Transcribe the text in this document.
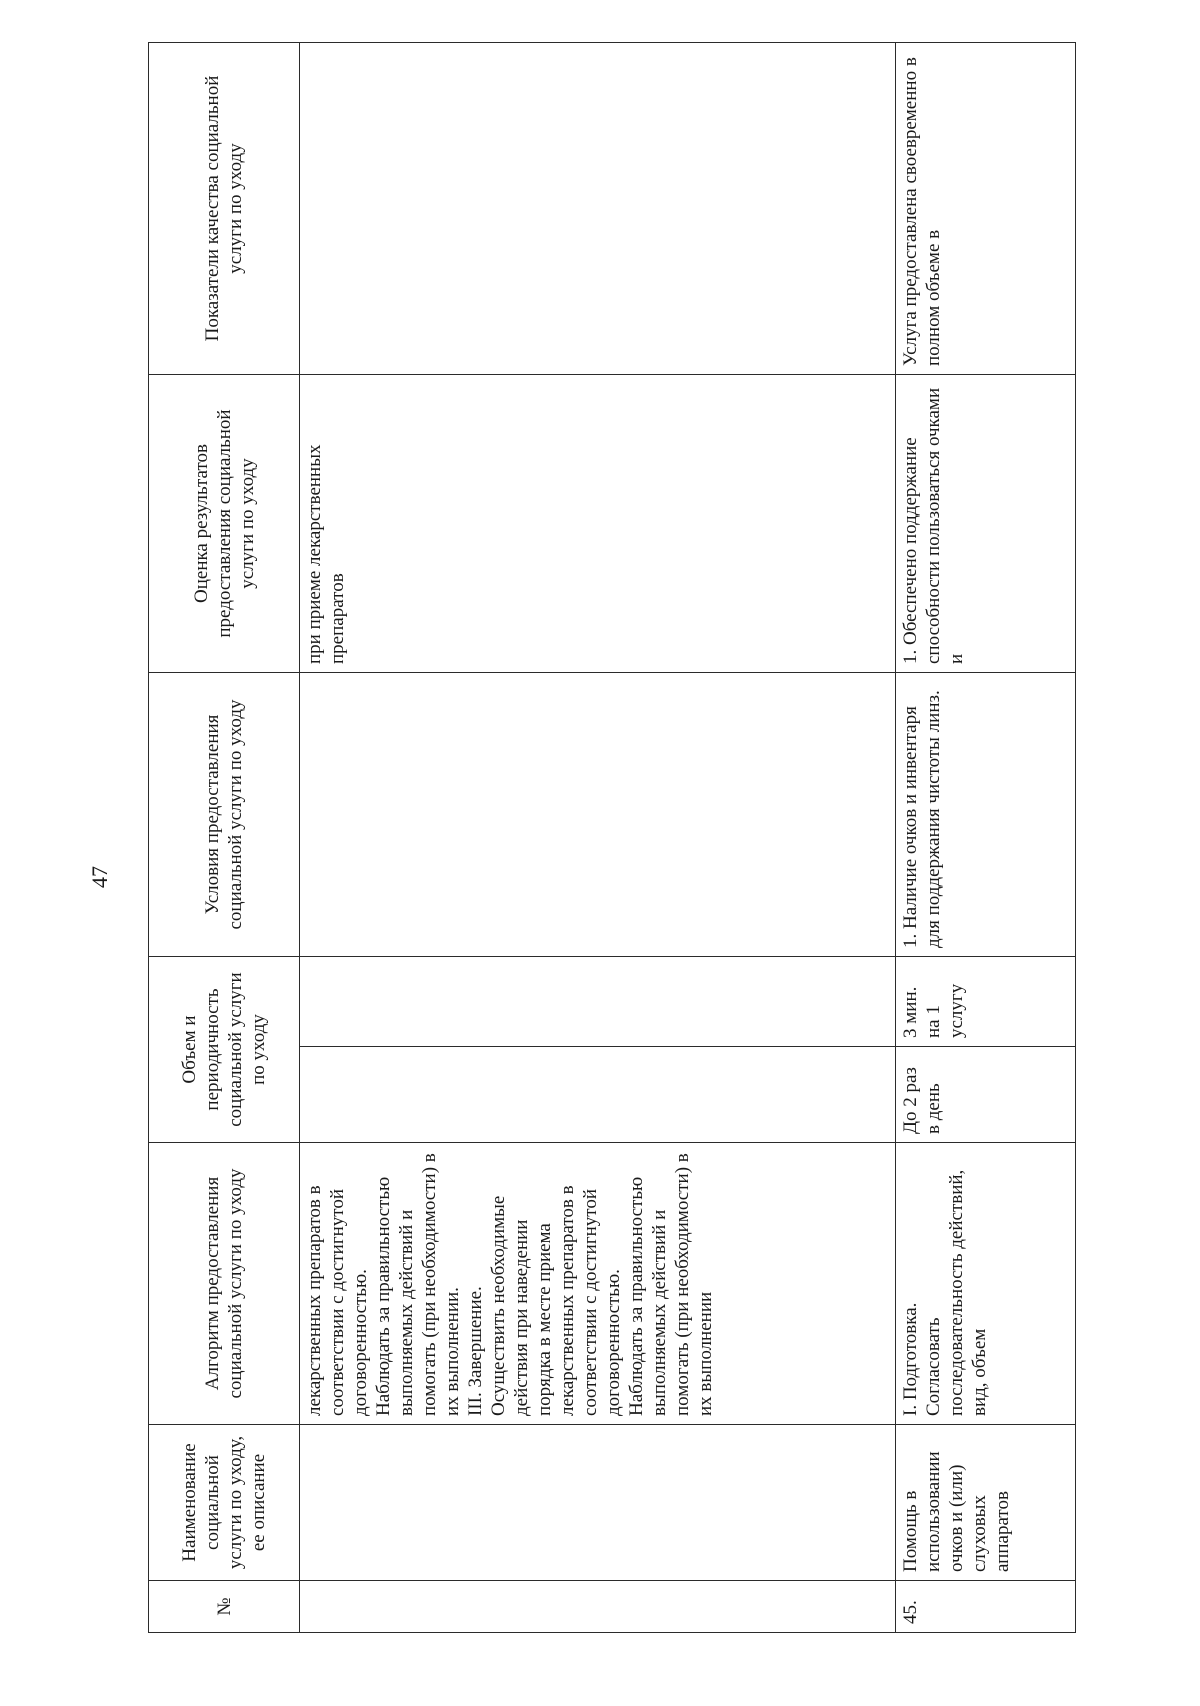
47
№	Наименование социальной услуги по уходу, ее описание	Алгоритм предоставления социальной услуги по уходу	Объем и периодичность социальной услуги по уходу		Условия предоставления социальной услуги по уходу	Оценка результатов предоставления социальной услуги по уходу	Показатели качества социальной услуги по уходу
		лекарственных препаратов в соответствии с достигнутой договоренностью.
Наблюдать за правильностью выполняемых действий и помогать (при необходимости) в их выполнении.
III. Завершение.
Осуществить необходимые действия при наведении порядка в месте приема лекарственных препаратов в соответствии с достигнутой договоренностью.
Наблюдать за правильностью выполняемых действий и помогать (при необходимости) в их выполнении				при приеме лекарственных препаратов	
45.	Помощь в использовании очков и (или) слуховых аппаратов	I. Подготовка.
Согласовать последовательность действий, вид, объем	До 2 раз в день	3 мин. на 1 услугу	1. Наличие очков и инвентаря для поддержания чистоты линз.	1. Обеспечено поддержание способности пользоваться очками и	Услуга предоставлена своевременно в полном объеме в
